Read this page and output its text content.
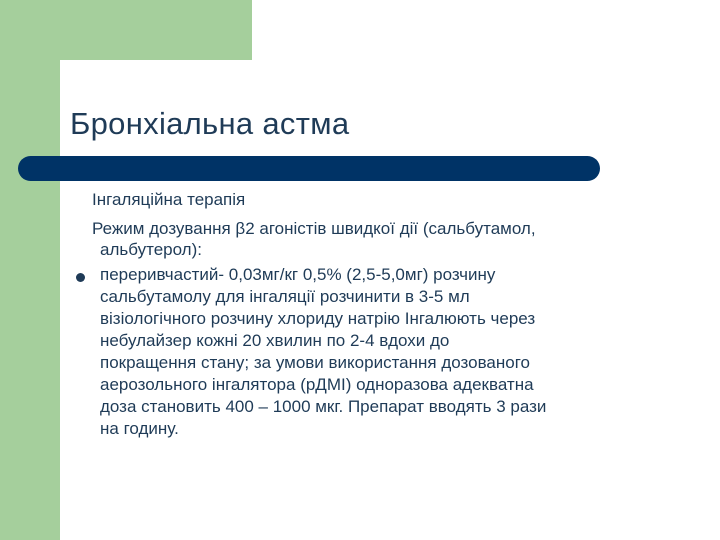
Бронхіальна астма
Інгаляційна терапія
Режим дозування β2 агоністів швидкої дії (сальбутамол,
альбутерол):
переривчастий- 0,03мг/кг 0,5% (2,5-5,0мг) розчину
сальбутамолу для інгаляції розчинити в 3-5 мл
візіологічного розчину хлориду натрію Інгалюють через
небулайзер кожні 20 хвилин по 2-4 вдохи до
покращення стану; за умови використання дозованого
аерозольного інгалятора (рДМІ) одноразова адекватна
доза становить 400 – 1000 мкг. Препарат вводять 3 рази
на годину.
